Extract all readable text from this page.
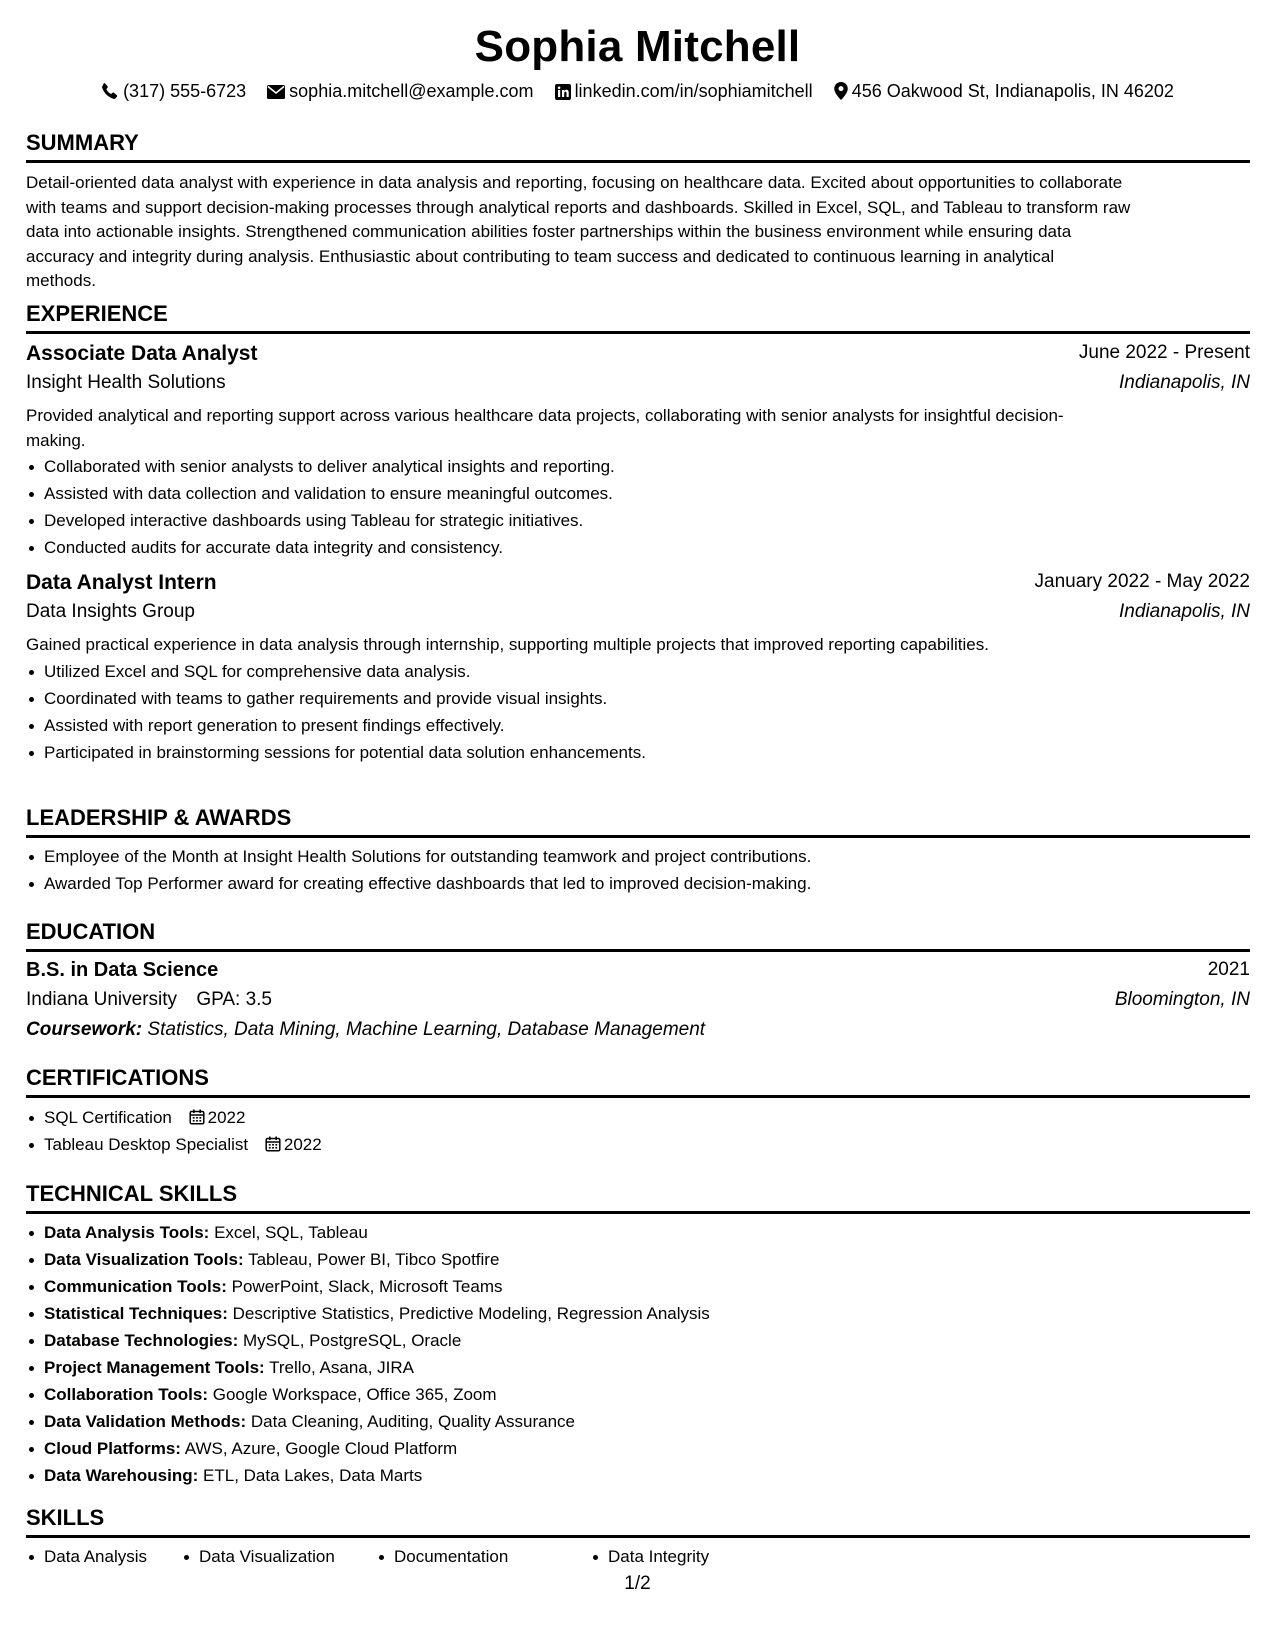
Sophia Mitchell
(317) 555-6723 sophia.mitchell@example.com linkedin.com/in/sophiamitchell 456 Oakwood St, Indianapolis, IN 46202
SUMMARY
Detail-oriented data analyst with experience in data analysis and reporting, focusing on healthcare data. Excited about opportunities to collaborate
with teams and support decision-making processes through analytical reports and dashboards. Skilled in Excel, SQL, and Tableau to transform raw
data into actionable insights. Strengthened communication abilities foster partnerships within the business environment while ensuring data
accuracy and integrity during analysis. Enthusiastic about contributing to team success and dedicated to continuous learning in analytical
methods.
EXPERIENCE
Associate Data Analyst	June 2022 - Present
Insight Health Solutions	Indianapolis, IN
Provided analytical and reporting support across various healthcare data projects, collaborating with senior analysts for insightful decision-
making.
Collaborated with senior analysts to deliver analytical insights and reporting.
Assisted with data collection and validation to ensure meaningful outcomes.
Developed interactive dashboards using Tableau for strategic initiatives.
Conducted audits for accurate data integrity and consistency.
Data Analyst Intern	January 2022 - May 2022
Data Insights Group	Indianapolis, IN
Gained practical experience in data analysis through internship, supporting multiple projects that improved reporting capabilities.
Utilized Excel and SQL for comprehensive data analysis.
Coordinated with teams to gather requirements and provide visual insights.
Assisted with report generation to present findings effectively.
Participated in brainstorming sessions for potential data solution enhancements.
LEADERSHIP & AWARDS
Employee of the Month at Insight Health Solutions for outstanding teamwork and project contributions.
Awarded Top Performer award for creating effective dashboards that led to improved decision-making.
EDUCATION
B.S. in Data Science	2021
Indiana University GPA: 3.5	Bloomington, IN
Coursework: Statistics, Data Mining, Machine Learning, Database Management
CERTIFICATIONS
SQL Certification 2022
Tableau Desktop Specialist 2022
TECHNICAL SKILLS
Data Analysis Tools: Excel, SQL, Tableau
Data Visualization Tools: Tableau, Power BI, Tibco Spotfire
Communication Tools: PowerPoint, Slack, Microsoft Teams
Statistical Techniques: Descriptive Statistics, Predictive Modeling, Regression Analysis
Database Technologies: MySQL, PostgreSQL, Oracle
Project Management Tools: Trello, Asana, JIRA
Collaboration Tools: Google Workspace, Office 365, Zoom
Data Validation Methods: Data Cleaning, Auditing, Quality Assurance
Cloud Platforms: AWS, Azure, Google Cloud Platform
Data Warehousing: ETL, Data Lakes, Data Marts
SKILLS
Data Analysis	Data Visualization	Documentation	Data Integrity
1/2
